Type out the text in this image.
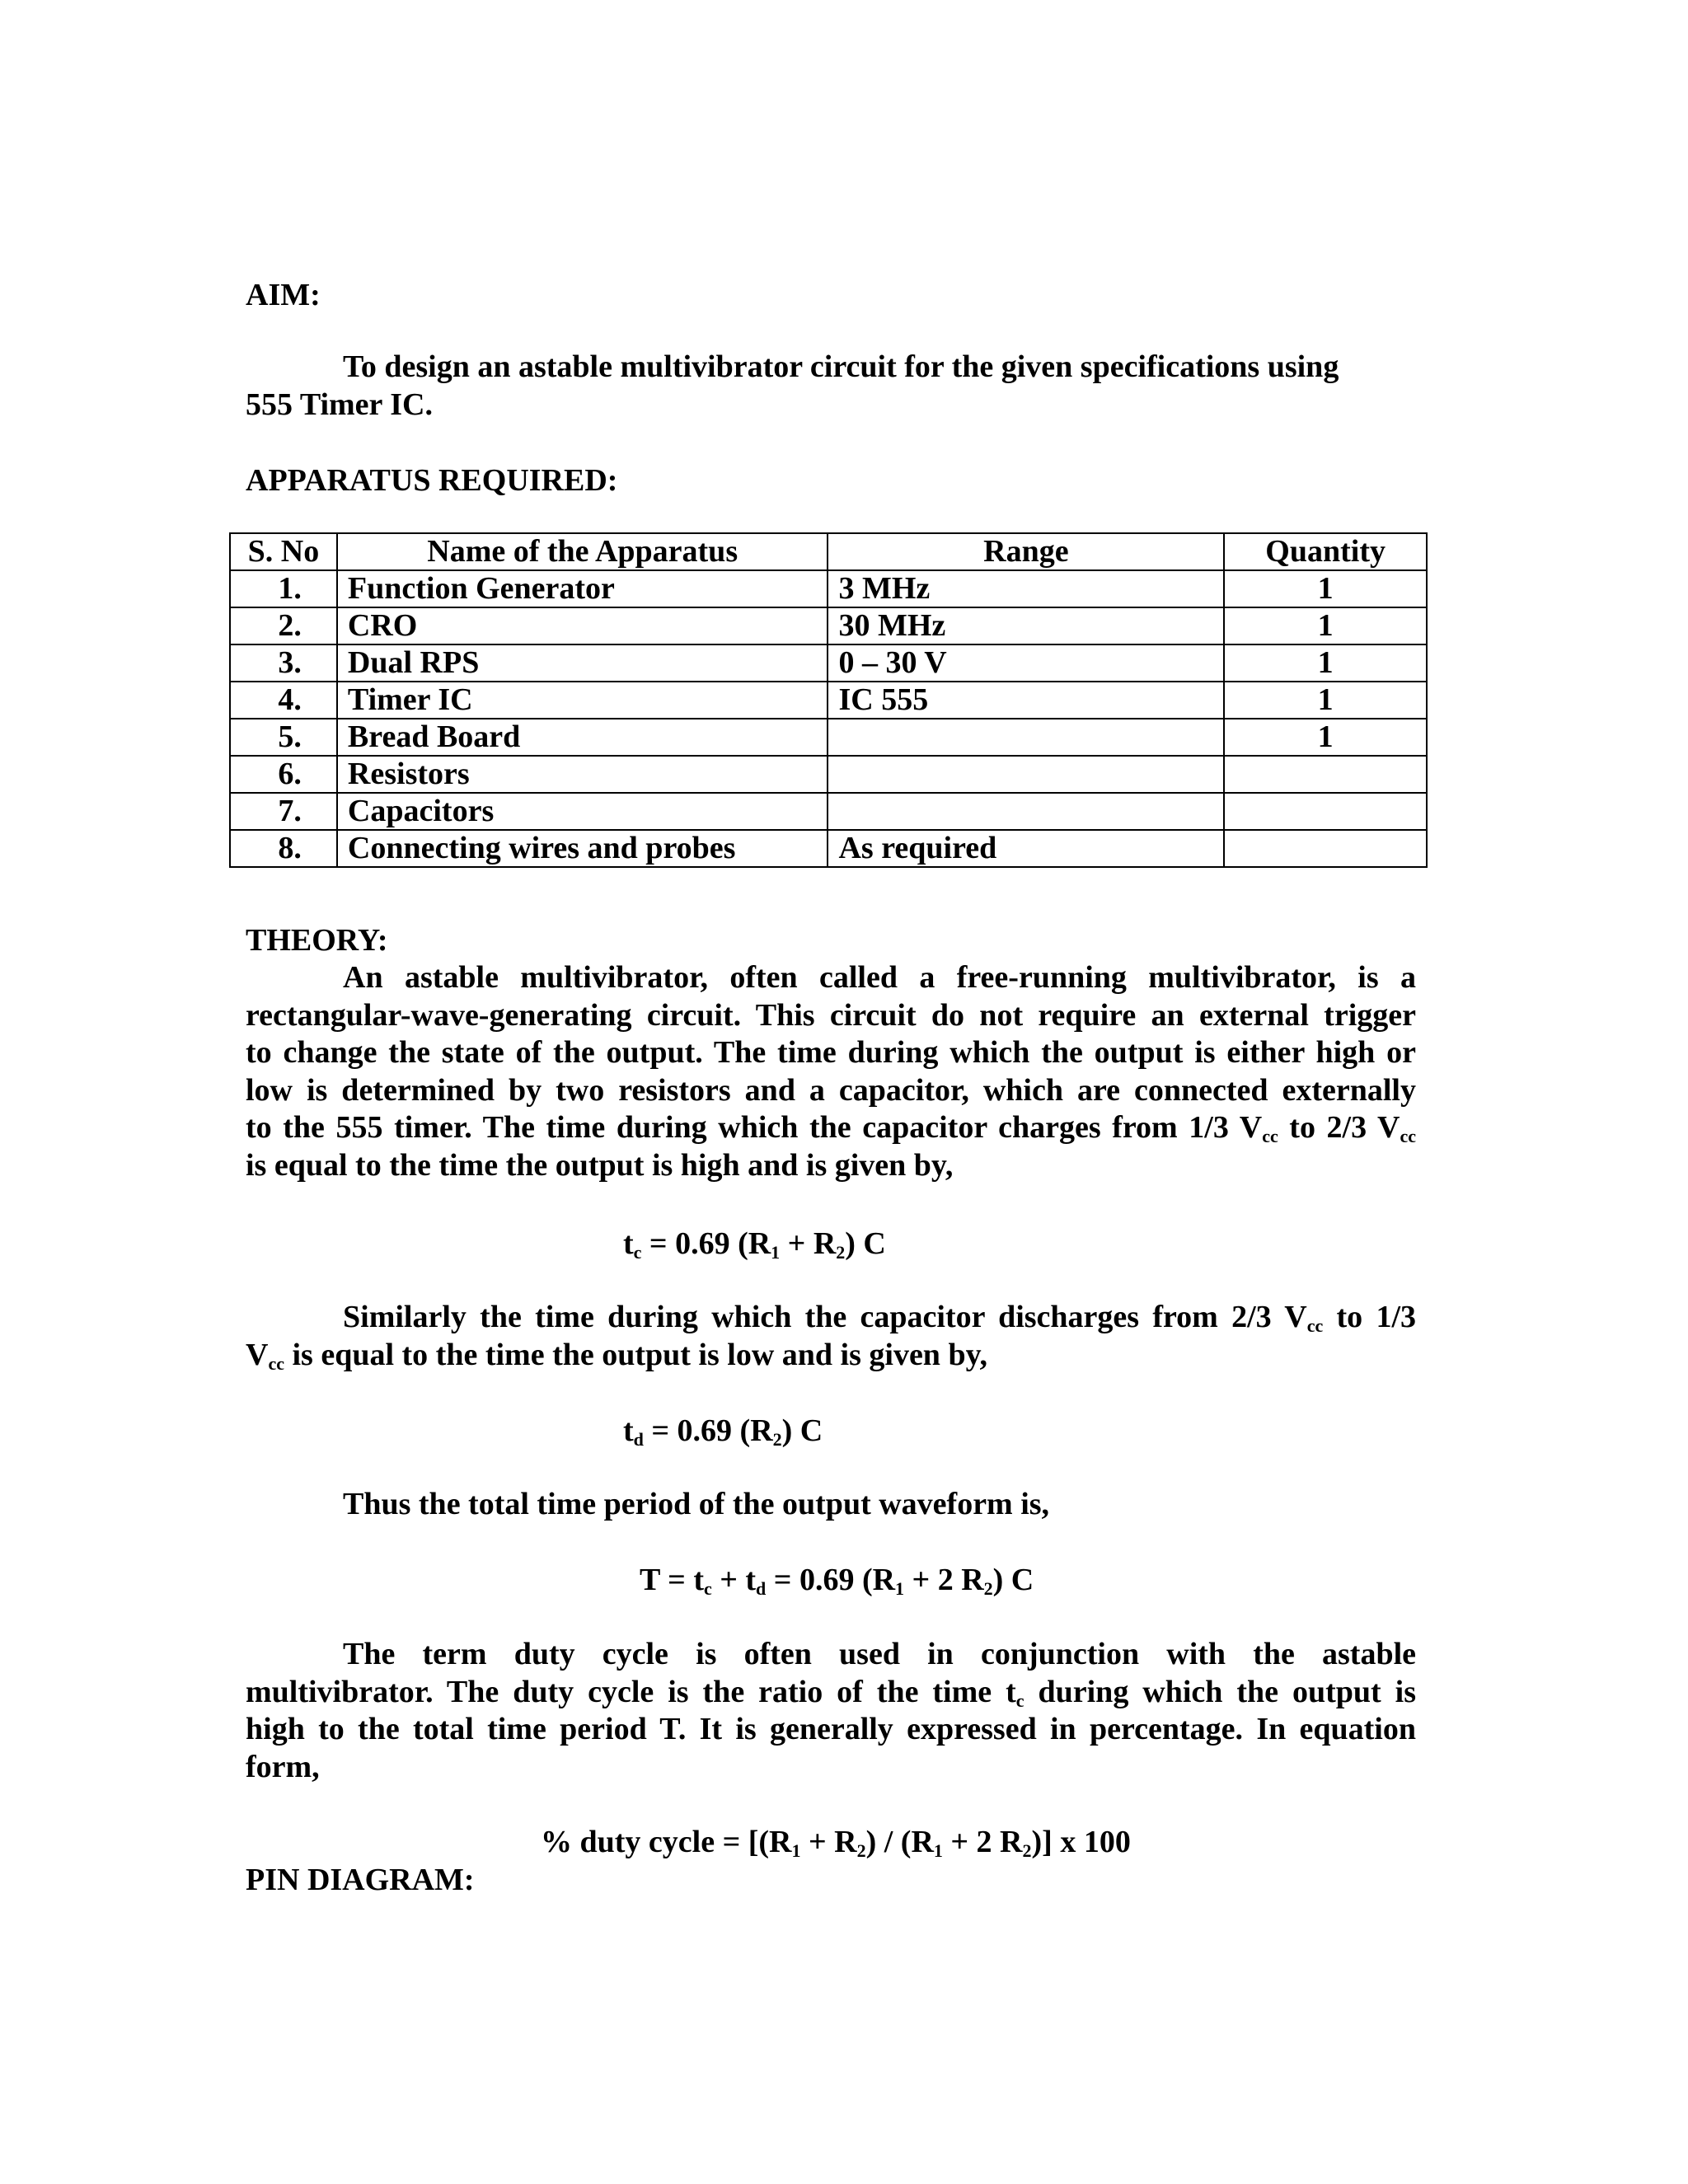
AIM:

To design an astable multivibrator circuit for the given specifications using
555 Timer IC.

APPARATUS REQUIRED:

S. No	Name of the Apparatus	Range	Quantity
1.	Function Generator	3 MHz	1
2.	CRO	30 MHz	1
3.	Dual RPS	0 – 30 V	1
4.	Timer IC	IC 555	1
5.	Bread Board		1
6.	Resistors		
7.	Capacitors		
8.	Connecting wires and probes	As required	

THEORY:

An astable multivibrator, often called a free-running multivibrator, is a
rectangular-wave-generating circuit. This circuit do not require an external trigger
to change the state of the output. The time during which the output is either high or
low is determined by two resistors and a capacitor, which are connected externally
to the 555 timer. The time during which the capacitor charges from 1/3 $V_{cc}$ to 2/3 $V_{cc}$
is equal to the time the output is high and is given by,

$t_c = 0.69$ $(R_1 + R_2)$ C

Similarly the time during which the capacitor discharges from 2/3 $V_{cc}$ to 1/3
$V_{cc}$ is equal to the time the output is low and is given by,

$t_d = 0.69$ $(R_2)$ C

Thus the total time period of the output waveform is,

$T = t_c + t_d = 0.69$ ($R_1 + 2$ $R_2$) C

The term duty cycle is often used in conjunction with the astable
multivibrator. The duty cycle is the ratio of the time $t_c$ during which the output is
high to the total time period T. It is generally expressed in percentage. In equation
form,

% duty cycle = [$(R_1 + R_2) / (R_1 + 2$ $R_2$)] x 100

PIN DIAGRAM:
